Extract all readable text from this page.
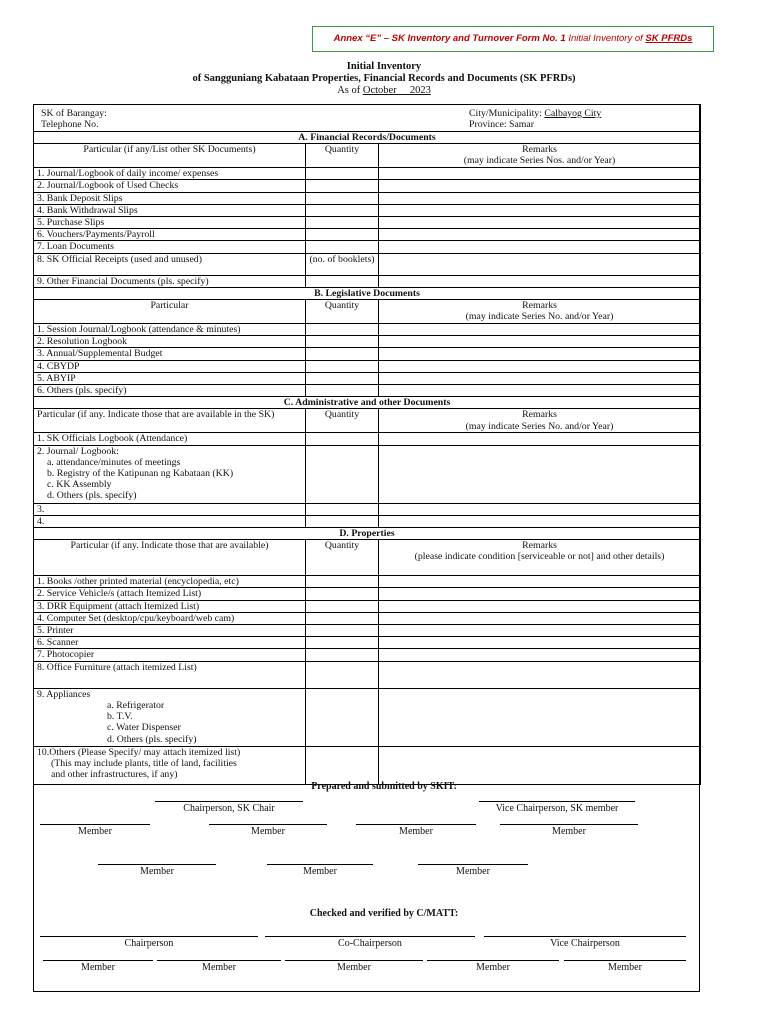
Annex “E” – SK Inventory and Turnover Form No. 1 Initial Inventory of SK PFRDs
Initial Inventory
of Sangguniang Kabataan Properties, Financial Records and Documents (SK PFRDs)
As of October 2023
SK of Barangay:
Telephone No.
City/Municipality: Calbayog City
Province: Samar		

A. Financial Records/Documents		
Particular (if any/List other SK Documents)	Quantity	Remarks
(may indicate Series Nos. and/or Year)

1. Journal/Logbook of daily income/ expenses		
2. Journal/Logbook of Used Checks		
3. Bank Deposit Slips		
4. Bank Withdrawal Slips		
5. Purchase Slips		
6. Vouchers/Payments/Payroll		
7. Loan Documents		
8. SK Official Receipts (used and unused)	(no. of booklets)	
9. Other Financial Documents (pls. specify)		
B. Legislative Documents		
Particular	Quantity	Remarks
(may indicate Series No. and/or Year)

1. Session Journal/Logbook (attendance & minutes)		
2. Resolution Logbook		
3. Annual/Supplemental Budget		
4. CBYDP		
5. ABYIP		
6. Others (pls. specify)		
C. Administrative and other Documents		
Particular (if any. Indicate those that are available in the SK)	Quantity	Remarks
(may indicate Series No. and/or Year)

1. SK Officials Logbook (Attendance)		

2. Journal/ Logbook:
a. attendance/minutes of meetings
b. Registry of the Katipunan ng Kabataan (KK)
c. KK Assembly
d. Others (pls. specify)		

3.		
4.		
D. Properties		
Particular (if any. Indicate those that are available)	Quantity	Remarks
(please indicate condition [serviceable or not] and other details)

1. Books /other printed material (encyclopedia, etc)		
2. Service Vehicle/s (attach Itemized List)		
3. DRR Equipment (attach Itemized List)		
4. Computer Set (desktop/cpu/keyboard/web cam)		
5. Printer		
6. Scanner		
7. Photocopier		
8. Office Furniture (attach itemized List)		

9. Appliances
a. Refrigerator
b. T.V.
c. Water Dispenser
d. Others (pls. specify)		

10.Others (Please Specify/ may attach itemized list)
(This may include plants, title of land, facilities
and other infrastructures, if any)		

Prepared and submitted by SKIT:
Chairperson, SK Chair	Vice Chairperson, SK member
Member	Member	Member	Member
Member	Member	Member
Checked and verified by C/MATT:
Chairperson	Co-Chairperson	Vice Chairperson
Member	Member	Member	Member	Member
